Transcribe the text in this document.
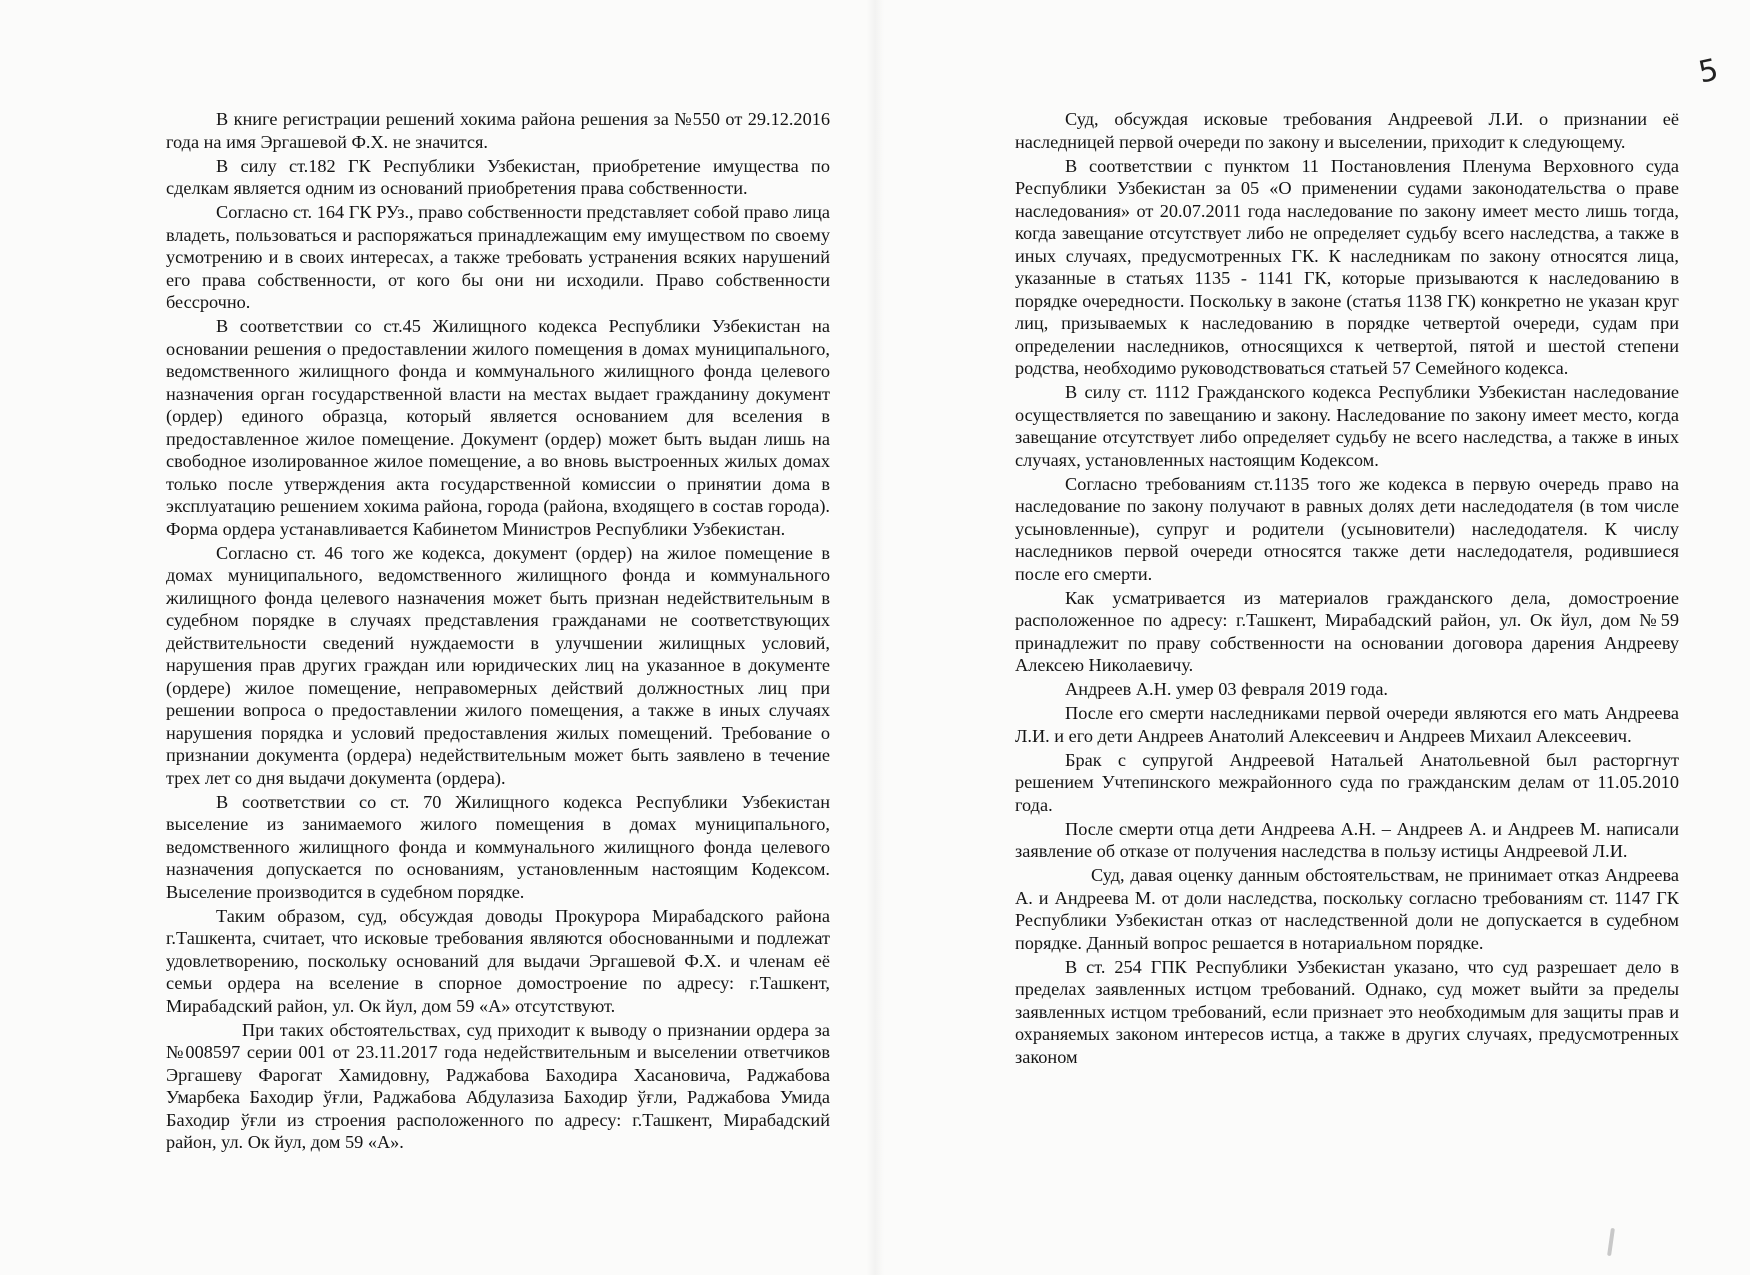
В книге регистрации решений хокима района решения за №550 от 29.12.2016 года на имя Эргашевой Ф.Х. не значится.

В силу ст.182 ГК Республики Узбекистан, приобретение имущества по сделкам является одним из оснований приобретения права собственности.

Согласно ст. 164 ГК РУз., право собственности представляет собой право лица владеть, пользоваться и распоряжаться принадлежащим ему имуществом по своему усмотрению и в своих интересах, а также требовать устранения всяких нарушений его права собственности, от кого бы они ни исходили. Право собственности бессрочно.

В соответствии со ст.45 Жилищного кодекса Республики Узбекистан на основании решения о предоставлении жилого помещения в домах муниципального, ведомственного жилищного фонда и коммунального жилищного фонда целевого назначения орган государственной власти на местах выдает гражданину документ (ордер) единого образца, который является основанием для вселения в предоставленное жилое помещение. Документ (ордер) может быть выдан лишь на свободное изолированное жилое помещение, а во вновь выстроенных жилых домах только после утверждения акта государственной комиссии о принятии дома в эксплуатацию решением хокима района, города (района, входящего в состав города). Форма ордера устанавливается Кабинетом Министров Республики Узбекистан.

Согласно ст. 46 того же кодекса, документ (ордер) на жилое помещение в домах муниципального, ведомственного жилищного фонда и коммунального жилищного фонда целевого назначения может быть признан недействительным в судебном порядке в случаях представления гражданами не соответствующих действительности сведений нуждаемости в улучшении жилищных условий, нарушения прав других граждан или юридических лиц на указанное в документе (ордере) жилое помещение, неправомерных действий должностных лиц при решении вопроса о предоставлении жилого помещения, а также в иных случаях нарушения порядка и условий предоставления жилых помещений. Требование о признании документа (ордера) недействительным может быть заявлено в течение трех лет со дня выдачи документа (ордера).

В соответствии со ст. 70 Жилищного кодекса Республики Узбекистан выселение из занимаемого жилого помещения в домах муниципального, ведомственного жилищного фонда и коммунального жилищного фонда целевого назначения допускается по основаниям, установленным настоящим Кодексом. Выселение производится в судебном порядке.

Таким образом, суд, обсуждая доводы Прокурора Мирабадского района г.Ташкента, считает, что исковые требования являются обоснованными и подлежат удовлетворению, поскольку оснований для выдачи Эргашевой Ф.Х. и членам её семьи ордера на вселение в спорное домостроение по адресу: г.Ташкент, Мирабадский район, ул. Ок йул, дом 59 «А» отсутствуют.

При таких обстоятельствах, суд приходит к выводу о признании ордера за №008597 серии 001 от 23.11.2017 года недействительным и выселении ответчиков Эргашеву Фарогат Хамидовну, Раджабова Баходира Хасановича, Раджабова Умарбека Баходир ўғли, Раджабова Абдулазиза Баходир ўғли, Раджабова Умида Баходир ўғли из строения расположенного по адресу: г.Ташкент, Мирабадский район, ул. Ок йул, дом 59 «А».

5

Суд, обсуждая исковые требования Андреевой Л.И. о признании её наследницей первой очереди по закону и выселении, приходит к следующему.

В соответствии с пунктом 11 Постановления Пленума Верховного суда Республики Узбекистан за 05 «О применении судами законодательства о праве наследования» от 20.07.2011 года наследование по закону имеет место лишь тогда, когда завещание отсутствует либо не определяет судьбу всего наследства, а также в иных случаях, предусмотренных ГК. К наследникам по закону относятся лица, указанные в статьях 1135 - 1141 ГК, которые призываются к наследованию в порядке очередности. Поскольку в законе (статья 1138 ГК) конкретно не указан круг лиц, призываемых к наследованию в порядке четвертой очереди, судам при определении наследников, относящихся к четвертой, пятой и шестой степени родства, необходимо руководствоваться статьей 57 Семейного кодекса.

В силу ст. 1112 Гражданского кодекса Республики Узбекистан наследование осуществляется по завещанию и закону. Наследование по закону имеет место, когда завещание отсутствует либо определяет судьбу не всего наследства, а также в иных случаях, установленных настоящим Кодексом.

Согласно требованиям ст.1135 того же кодекса в первую очередь право на наследование по закону получают в равных долях дети наследодателя (в том числе усыновленные), супруг и родители (усыновители) наследодателя. К числу наследников первой очереди относятся также дети наследодателя, родившиеся после его смерти.

Как усматривается из материалов гражданского дела, домостроение расположенное по адресу: г.Ташкент, Мирабадский район, ул. Ок йул, дом №59 принадлежит по праву собственности на основании договора дарения Андрееву Алексею Николаевичу.

Андреев А.Н. умер 03 февраля 2019 года.

После его смерти наследниками первой очереди являются его мать Андреева Л.И. и его дети Андреев Анатолий Алексеевич и Андреев Михаил Алексеевич.

Брак с супругой Андреевой Натальей Анатольевной был расторгнут решением Учтепинского межрайонного суда по гражданским делам от 11.05.2010 года.

После смерти отца дети Андреева А.Н. – Андреев А. и Андреев М. написали заявление об отказе от получения наследства в пользу истицы Андреевой Л.И.

Суд, давая оценку данным обстоятельствам, не принимает отказ Андреева А. и Андреева М. от доли наследства, поскольку согласно требованиям ст. 1147 ГК Республики Узбекистан отказ от наследственной доли не допускается в судебном порядке. Данный вопрос решается в нотариальном порядке.

В ст. 254 ГПК Республики Узбекистан указано, что суд разрешает дело в пределах заявленных истцом требований. Однако, суд может выйти за пределы заявленных истцом требований, если признает это необходимым для защиты прав и охраняемых законом интересов истца, а также в других случаях, предусмотренных законом
